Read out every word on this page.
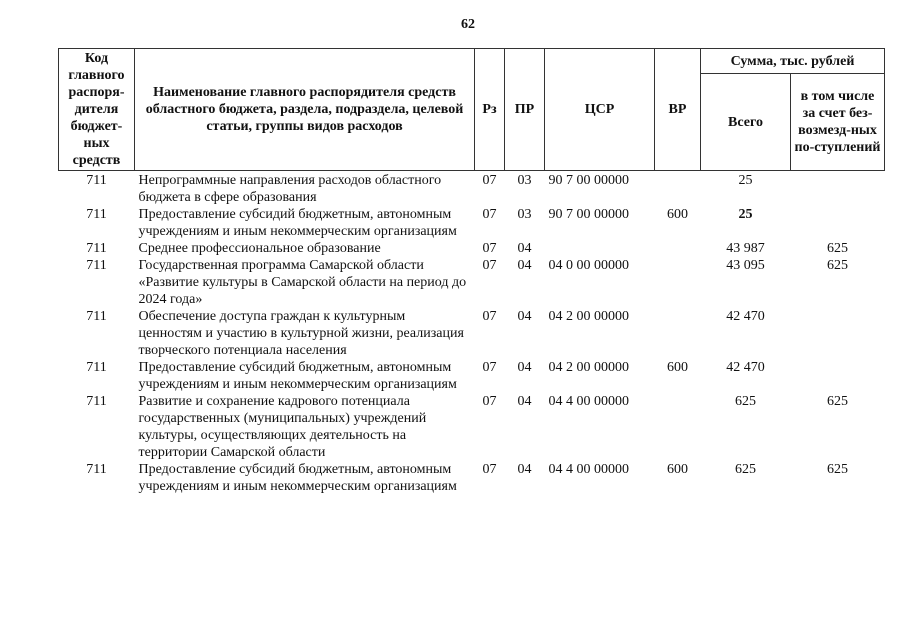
62
Код главного распоря-дителя бюджет-ных средств	Наименование главного распорядителя средств областного бюджета, раздела, подраздела, целевой статьи, группы видов расходов	Рз	ПР	ЦСР	ВР	Сумма, тыс. рублей	
						Всего	в том числе за счет без-возмезд-ных по-ступлений
711	Непрограммные направления расходов областного бюджета в сфере образования	07	03	90 7 00 00000		25	
711	Предоставление субсидий бюджетным, автономным учреждениям и иным некоммерческим организациям	07	03	90 7 00 00000	600	25	
711	Среднее профессиональное образование	07	04			43 987	625
711	Государственная программа Самарской области «Развитие культуры в Самарской области на период до 2024 года»	07	04	04 0 00 00000		43 095	625
711	Обеспечение доступа граждан к культурным ценностям и участию в культурной жизни, реализация творческого потенциала населения	07	04	04 2 00 00000		42 470	
711	Предоставление субсидий бюджетным, автономным учреждениям и иным некоммерческим организациям	07	04	04 2 00 00000	600	42 470	
711	Развитие и сохранение кадрового потенциала государственных (муниципальных) учреждений культуры, осуществляющих деятельность на территории Самарской области	07	04	04 4 00 00000		625	625
711	Предоставление субсидий бюджетным, автономным учреждениям и иным некоммерческим организациям	07	04	04 4 00 00000	600	625	625
